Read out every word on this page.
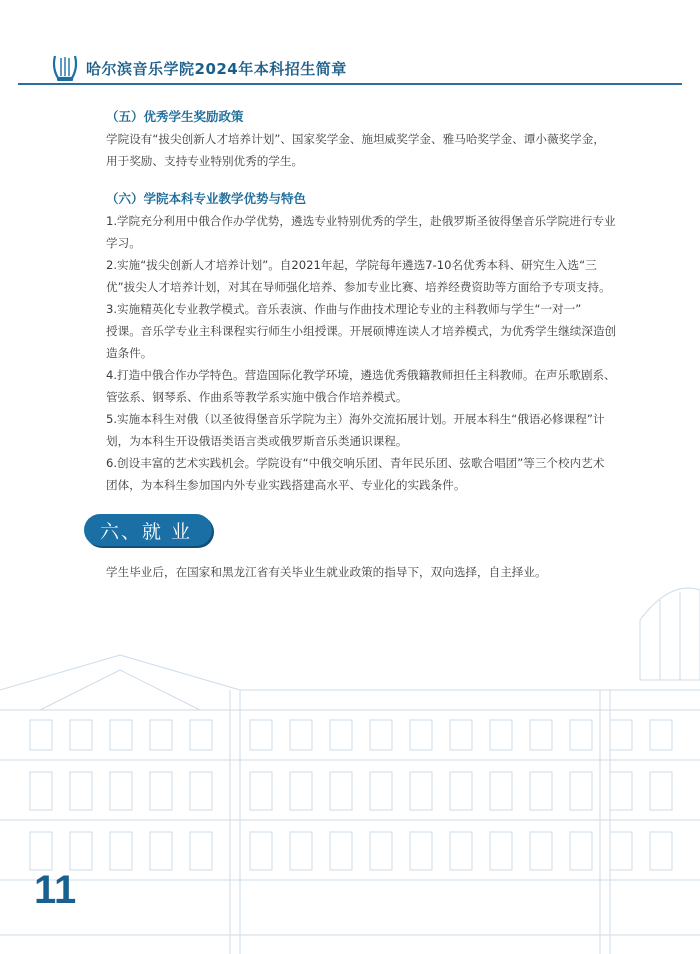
哈尔滨音乐学院2024年本科招生简章
（五）优秀学生奖励政策
学院设有“拔尖创新人才培养计划”、国家奖学金、施坦威奖学金、雅马哈奖学金、谭小薇奖学金，
用于奖励、支持专业特别优秀的学生。
（六）学院本科专业教学优势与特色
1.学院充分利用中俄合作办学优势，遴选专业特别优秀的学生，赴俄罗斯圣彼得堡音乐学院进行专业
学习。
2.实施“拔尖创新人才培养计划”。自2021年起，学院每年遴选7-10名优秀本科、研究生入选“三
优”拔尖人才培养计划，对其在导师强化培养、参加专业比赛、培养经费资助等方面给予专项支持。
3.实施精英化专业教学模式。音乐表演、作曲与作曲技术理论专业的主科教师与学生“一对一”
授课。音乐学专业主科课程实行师生小组授课。开展硕博连读人才培养模式，为优秀学生继续深造创
造条件。
4.打造中俄合作办学特色。营造国际化教学环境，遴选优秀俄籍教师担任主科教师。在声乐歌剧系、
管弦系、钢琴系、作曲系等教学系实施中俄合作培养模式。
5.实施本科生对俄（以圣彼得堡音乐学院为主）海外交流拓展计划。开展本科生“俄语必修课程”计
划，为本科生开设俄语类语言类或俄罗斯音乐类通识课程。
6.创设丰富的艺术实践机会。学院设有“中俄交响乐团、青年民乐团、弦歌合唱团”等三个校内艺术
团体，为本科生参加国内外专业实践搭建高水平、专业化的实践条件。
六、就 业
学生毕业后，在国家和黑龙江省有关毕业生就业政策的指导下，双向选择，自主择业。
11
